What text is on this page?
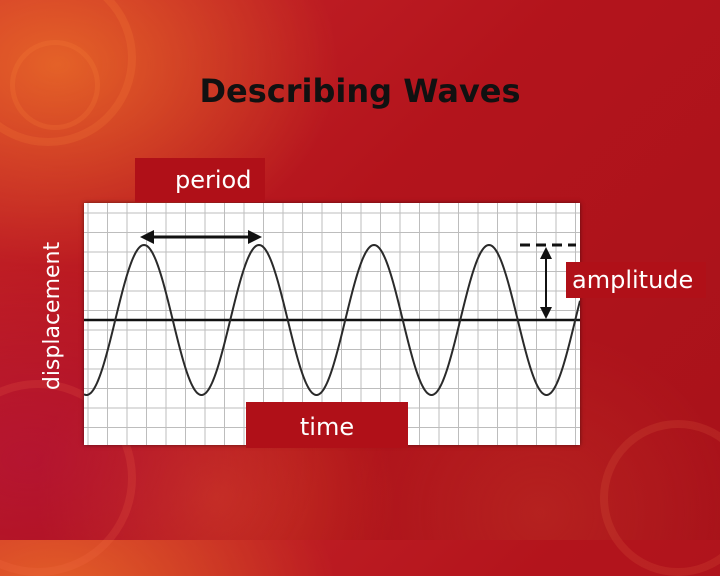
Describing Waves
period
amplitude
time
displacement
